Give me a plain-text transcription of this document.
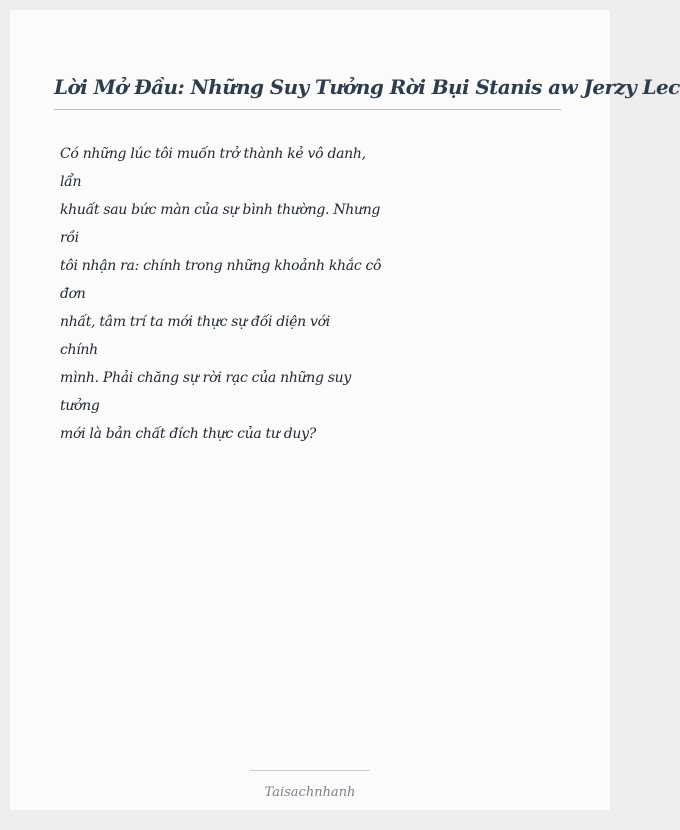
Lời Mở Đầu: Những Suy Tưởng Rời Bụi Stanis aw Jerzy Lec
Có những lúc tôi muốn trở thành kẻ vô danh,
lẩn
khuất sau bức màn của sự bình thường. Nhưng
rồi
tôi nhận ra: chính trong những khoảnh khắc cô
đơn
nhất, tâm trí ta mới thực sự đối diện với
chính
mình. Phải chăng sự rời rạc của những suy
tưởng
mới là bản chất đích thực của tư duy?
Taisachnhanh
